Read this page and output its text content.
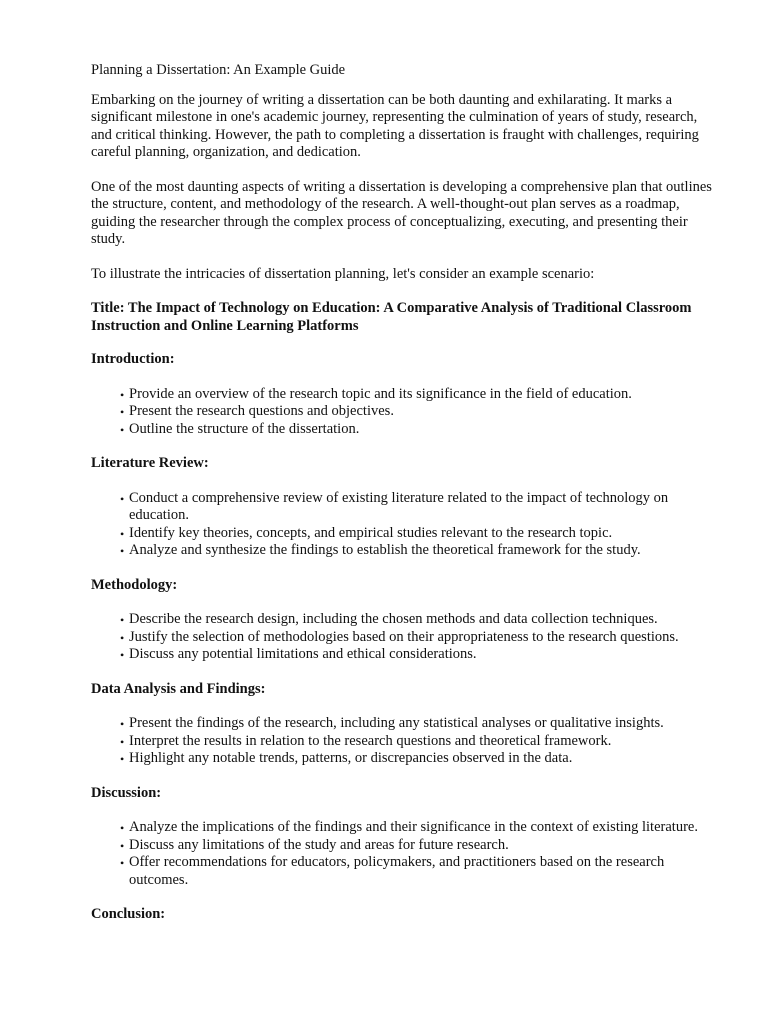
Planning a Dissertation: An Example Guide

Embarking on the journey of writing a dissertation can be both daunting and exhilarating. It marks a significant milestone in one's academic journey, representing the culmination of years of study, research, and critical thinking. However, the path to completing a dissertation is fraught with challenges, requiring careful planning, organization, and dedication.

One of the most daunting aspects of writing a dissertation is developing a comprehensive plan that outlines the structure, content, and methodology of the research. A well-thought-out plan serves as a roadmap, guiding the researcher through the complex process of conceptualizing, executing, and presenting their study.

To illustrate the intricacies of dissertation planning, let's consider an example scenario:

Title: The Impact of Technology on Education: A Comparative Analysis of Traditional Classroom Instruction and Online Learning Platforms
Introduction:
• Provide an overview of the research topic and its significance in the field of education.
• Present the research questions and objectives.
• Outline the structure of the dissertation.
Literature Review:
• Conduct a comprehensive review of existing literature related to the impact of technology on education.
• Identify key theories, concepts, and empirical studies relevant to the research topic.
• Analyze and synthesize the findings to establish the theoretical framework for the study.
Methodology:
• Describe the research design, including the chosen methods and data collection techniques.
• Justify the selection of methodologies based on their appropriateness to the research questions.
• Discuss any potential limitations and ethical considerations.
Data Analysis and Findings:
• Present the findings of the research, including any statistical analyses or qualitative insights.
• Interpret the results in relation to the research questions and theoretical framework.
• Highlight any notable trends, patterns, or discrepancies observed in the data.
Discussion:
• Analyze the implications of the findings and their significance in the context of existing literature.
• Discuss any limitations of the study and areas for future research.
• Offer recommendations for educators, policymakers, and practitioners based on the research outcomes.
Conclusion:
